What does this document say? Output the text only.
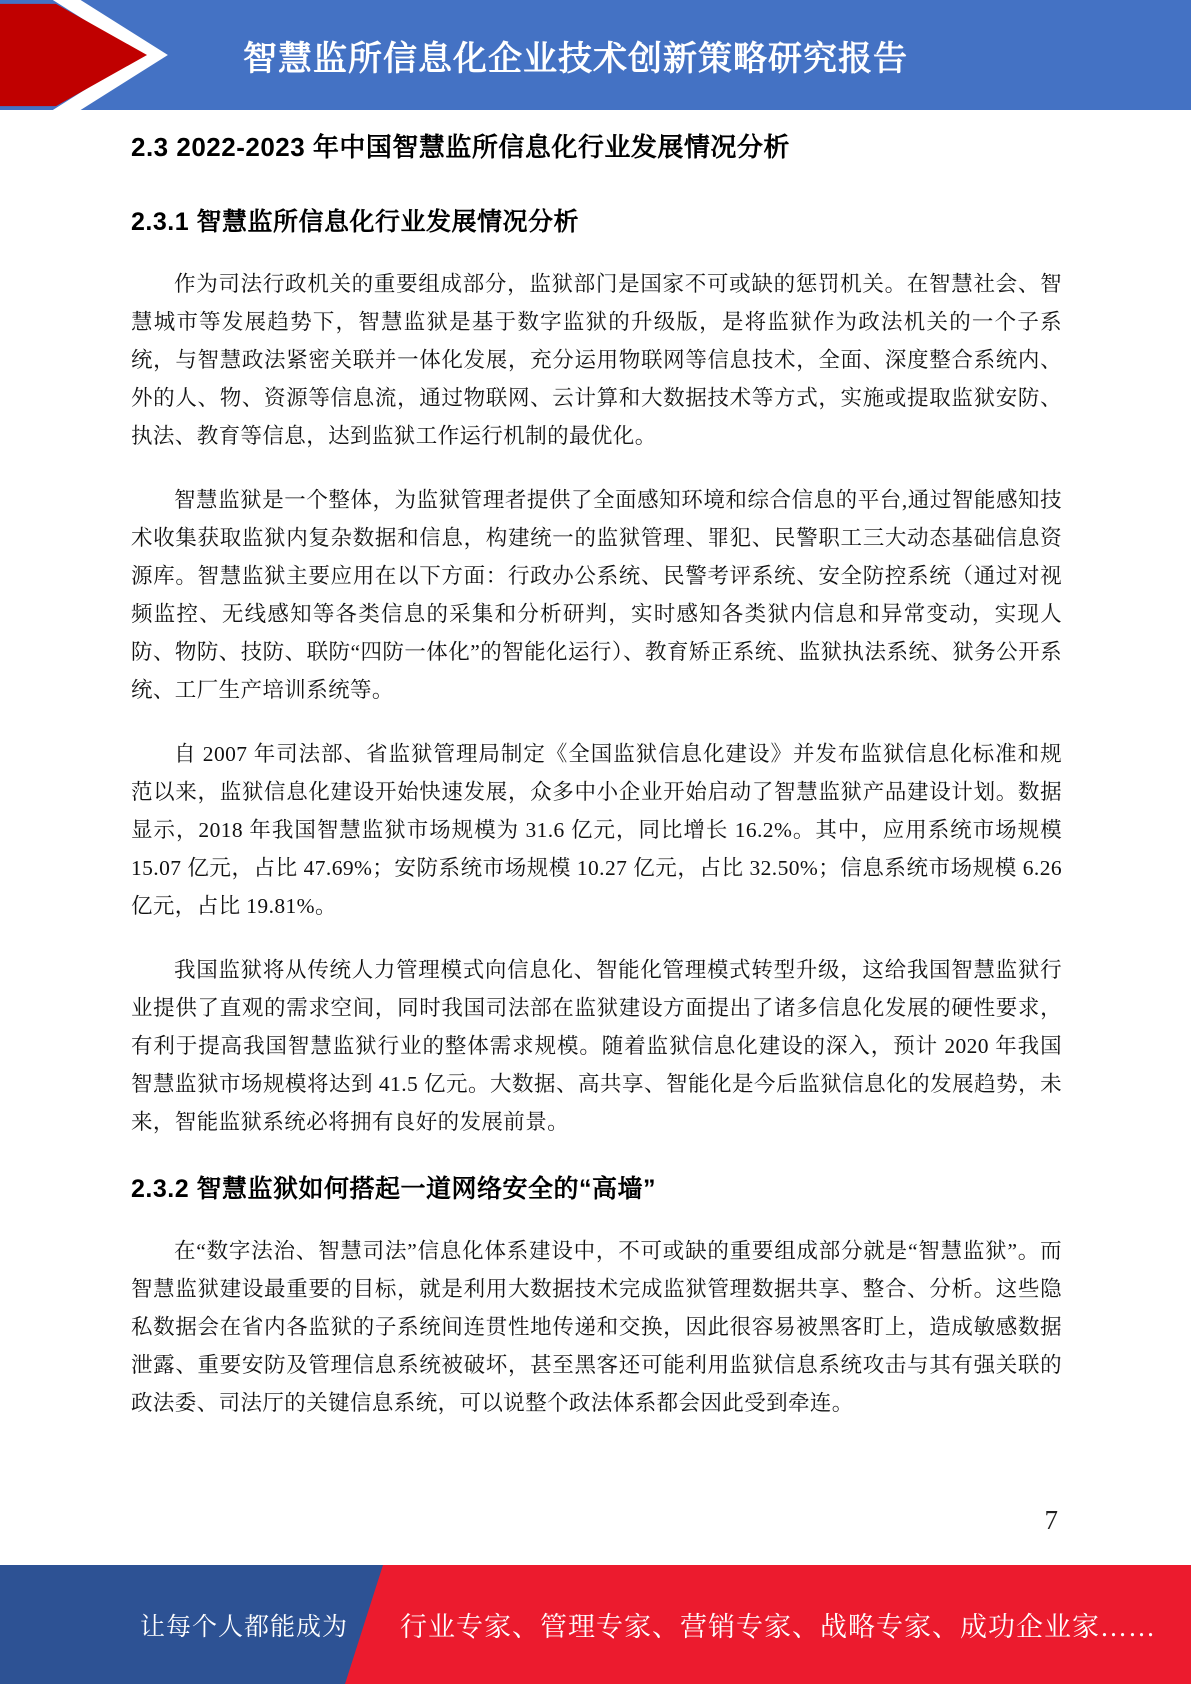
智慧监所信息化企业技术创新策略研究报告
2.3 2022-2023 年中国智慧监所信息化行业发展情况分析
2.3.1 智慧监所信息化行业发展情况分析

作为司法行政机关的重要组成部分，监狱部门是国家不可或缺的惩罚机关。在智慧社会、智慧城市等发展趋势下，智慧监狱是基于数字监狱的升级版，是将监狱作为政法机关的一个子系统，与智慧政法紧密关联并一体化发展，充分运用物联网等信息技术，全面、深度整合系统内、外的人、物、资源等信息流，通过物联网、云计算和大数据技术等方式，实施或提取监狱安防、执法、教育等信息，达到监狱工作运行机制的最优化。

智慧监狱是一个整体，为监狱管理者提供了全面感知环境和综合信息的平台,通过智能感知技术收集获取监狱内复杂数据和信息，构建统一的监狱管理、罪犯、民警职工三大动态基础信息资源库。智慧监狱主要应用在以下方面：行政办公系统、民警考评系统、安全防控系统（通过对视频监控、无线感知等各类信息的采集和分析研判，实时感知各类狱内信息和异常变动，实现人防、物防、技防、联防“四防一体化”的智能化运行）、教育矫正系统、监狱执法系统、狱务公开系统、工厂生产培训系统等。

自 2007 年司法部、省监狱管理局制定《全国监狱信息化建设》并发布监狱信息化标准和规范以来，监狱信息化建设开始快速发展，众多中小企业开始启动了智慧监狱产品建设计划。数据显示，2018 年我国智慧监狱市场规模为 31.6 亿元，同比增长 16.2%。其中，应用系统市场规模 15.07 亿元，占比 47.69%；安防系统市场规模 10.27 亿元，占比 32.50%；信息系统市场规模 6.26 亿元，占比 19.81%。

我国监狱将从传统人力管理模式向信息化、智能化管理模式转型升级，这给我国智慧监狱行业提供了直观的需求空间，同时我国司法部在监狱建设方面提出了诸多信息化发展的硬性要求，有利于提高我国智慧监狱行业的整体需求规模。随着监狱信息化建设的深入，预计 2020 年我国智慧监狱市场规模将达到 41.5 亿元。大数据、高共享、智能化是今后监狱信息化的发展趋势，未来，智能监狱系统必将拥有良好的发展前景。

2.3.2 智慧监狱如何搭起一道网络安全的“高墙”

在“数字法治、智慧司法”信息化体系建设中，不可或缺的重要组成部分就是“智慧监狱”。而智慧监狱建设最重要的目标，就是利用大数据技术完成监狱管理数据共享、整合、分析。这些隐私数据会在省内各监狱的子系统间连贯性地传递和交换，因此很容易被黑客盯上，造成敏感数据泄露、重要安防及管理信息系统被破坏，甚至黑客还可能利用监狱信息系统攻击与其有强关联的政法委、司法厅的关键信息系统，可以说整个政法体系都会因此受到牵连。

7
让每个人都能成为 行业专家、管理专家、营销专家、战略专家、成功企业家……
